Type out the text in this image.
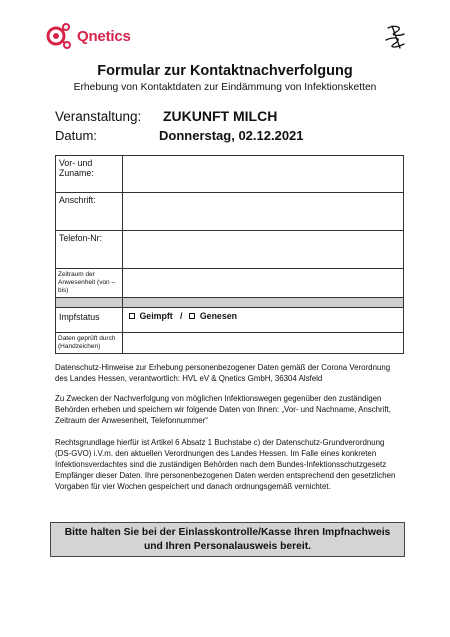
Qnetics
Formular zur Kontaktnachverfolgung
Erhebung von Kontaktdaten zur Eindämmung von Infektionsketten
Veranstaltung: ZUKUNFT MILCH
Datum:	Donnerstag, 02.12.2021
Vor- und Zuname:	
Anschrift:	
Telefon-Nr:	
Zeitraum der Anwesenheit (von – bis)	

Impfstatus	Geimpft / Genesen
Daten geprüft durch (Handzeichen)	
Datenschutz-Hinweise zur Erhebung personenbezogener Daten gemäß der Corona Verordnung des Landes Hessen, verantwortlich: HVL eV & Qnetics GmbH, 36304 Alsfeld
Zu Zwecken der Nachverfolgung von möglichen Infektionswegen gegenüber den zuständigen Behörden erheben und speichern wir folgende Daten von Ihnen: „Vor- und Nachname, Anschrift, Zeitraum der Anwesenheit, Telefonnummer“
Rechtsgrundlage hierfür ist Artikel 6 Absatz 1 Buchstabe c) der Datenschutz-Grundverordnung (DS-GVO) i.V.m. den aktuellen Verordnungen des Landes Hessen. Im Falle eines konkreten Infektionsverdachtes sind die zuständigen Behörden nach dem Bundes-Infektionsschutzgesetz Empfänger dieser Daten. Ihre personenbezogenen Daten werden entsprechend den gesetzlichen Vorgaben für vier Wochen gespeichert und danach ordnungsgemäß vernichtet.
Bitte halten Sie bei der Einlasskontrolle/Kasse Ihren Impfnachweis
und Ihren Personalausweis bereit.
